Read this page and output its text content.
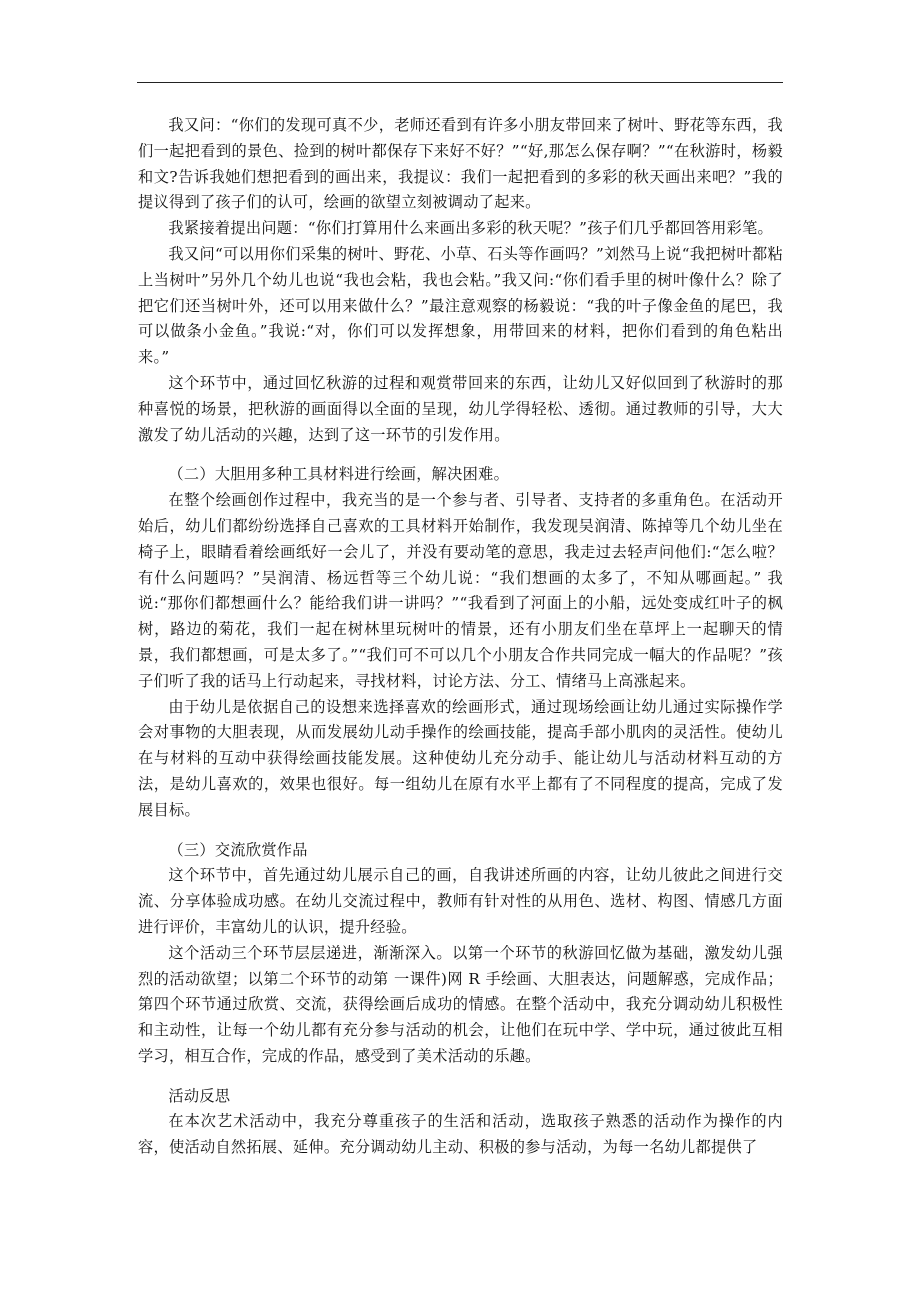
我又问：“你们的发现可真不少，老师还看到有许多小朋友带回来了树叶、野花等东西，我们一起把看到的景色、捡到的树叶都保存下来好不好？”“好,那怎么保存啊？”“在秋游时，杨毅和文?告诉我她们想把看到的画出来，我提议：我们一起把看到的多彩的秋天画出来吧？”我的提议得到了孩子们的认可，绘画的欲望立刻被调动了起来。

我紧接着提出问题：“你们打算用什么来画出多彩的秋天呢？”孩子们几乎都回答用彩笔。

我又问“可以用你们采集的树叶、野花、小草、石头等作画吗？”刘然马上说“我把树叶都粘上当树叶”另外几个幼儿也说“我也会粘，我也会粘。”我又问:“你们看手里的树叶像什么？除了把它们还当树叶外，还可以用来做什么？”最注意观察的杨毅说：“我的叶子像金鱼的尾巴，我可以做条小金鱼。”我说:“对，你们可以发挥想象，用带回来的材料，把你们看到的角色粘出来。”

这个环节中，通过回忆秋游的过程和观赏带回来的东西，让幼儿又好似回到了秋游时的那种喜悦的场景，把秋游的画面得以全面的呈现，幼儿学得轻松、透彻。通过教师的引导，大大激发了幼儿活动的兴趣，达到了这一环节的引发作用。

（二）大胆用多种工具材料进行绘画，解决困难。

在整个绘画创作过程中，我充当的是一个参与者、引导者、支持者的多重角色。在活动开始后，幼儿们都纷纷选择自己喜欢的工具材料开始制作，我发现吴润清、陈掉等几个幼儿坐在椅子上，眼睛看着绘画纸好一会儿了，并没有要动笔的意思，我走过去轻声问他们:“怎么啦？有什么问题吗？”吴润清、杨远哲等三个幼儿说：“我们想画的太多了，不知从哪画起。” 我说:“那你们都想画什么？能给我们讲一讲吗？”“我看到了河面上的小船，远处变成红叶子的枫树，路边的菊花，我们一起在树林里玩树叶的情景，还有小朋友们坐在草坪上一起聊天的情景，我们都想画，可是太多了。”“我们可不可以几个小朋友合作共同完成一幅大的作品呢？”孩子们听了我的话马上行动起来，寻找材料，讨论方法、分工、情绪马上高涨起来。

由于幼儿是依据自己的设想来选择喜欢的绘画形式，通过现场绘画让幼儿通过实际操作学会对事物的大胆表现，从而发展幼儿动手操作的绘画技能，提高手部小肌肉的灵活性。使幼儿在与材料的互动中获得绘画技能发展。这种使幼儿充分动手、能让幼儿与活动材料互动的方法，是幼儿喜欢的，效果也很好。每一组幼儿在原有水平上都有了不同程度的提高，完成了发展目标。

（三）交流欣赏作品

这个环节中，首先通过幼儿展示自己的画，自我讲述所画的内容，让幼儿彼此之间进行交流、分享体验成功感。在幼儿交流过程中，教师有针对性的从用色、选材、构图、情感几方面进行评价，丰富幼儿的认识，提升经验。

这个活动三个环节层层递进，渐渐深入。以第一个环节的秋游回忆做为基础，激发幼儿强烈的活动欲望；以第二个环节的动第 一课件)网 R 手绘画、大胆表达，问题解惑，完成作品；第四个环节通过欣赏、交流，获得绘画后成功的情感。在整个活动中，我充分调动幼儿积极性和主动性，让每一个幼儿都有充分参与活动的机会，让他们在玩中学、学中玩，通过彼此互相学习，相互合作，完成的作品，感受到了美术活动的乐趣。

活动反思

在本次艺术活动中，我充分尊重孩子的生活和活动，选取孩子熟悉的活动作为操作的内容，使活动自然拓展、延伸。充分调动幼儿主动、积极的参与活动，为每一名幼儿都提供了
